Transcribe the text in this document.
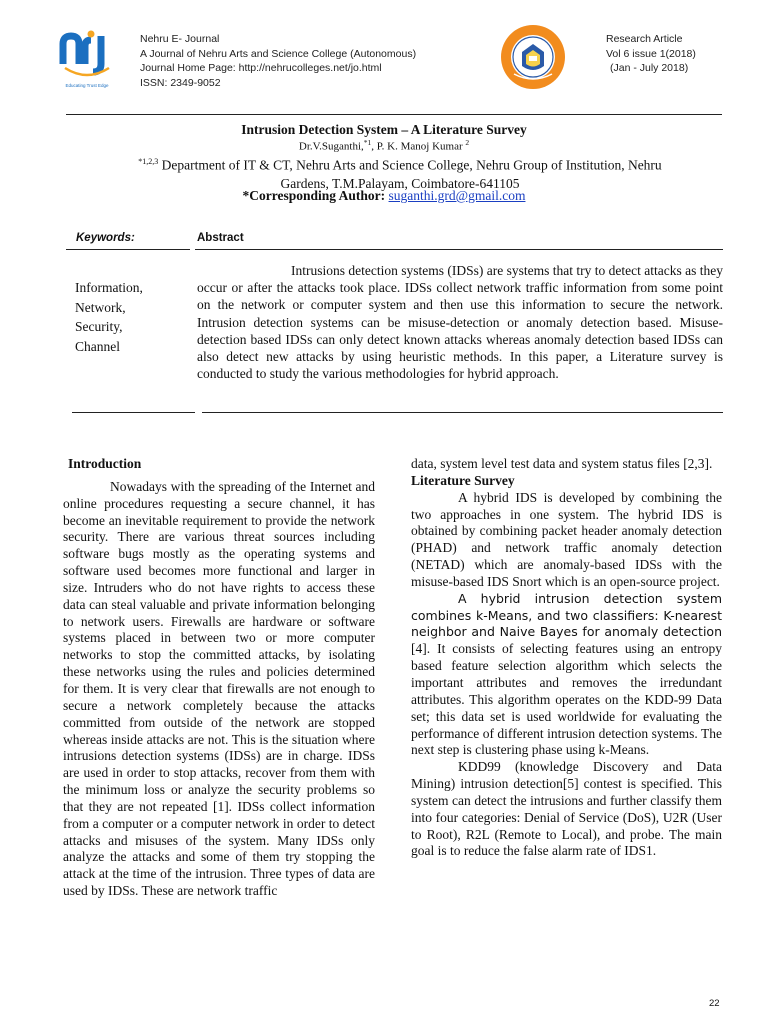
Educating Trust Edge
Nehru E- Journal
A Journal of Nehru Arts and Science College (Autonomous)
Journal Home Page: http://nehrucolleges.net/jo.html
ISSN: 2349-9052
Research Article
Vol 6 issue 1(2018)
(Jan - July 2018)
Intrusion Detection System – A Literature Survey
Dr.V.Suganthi,$^{*1}$, P. K. Manoj Kumar $^2$
$^{*1,2,3}$ Department of IT & CT, Nehru Arts and Science College, Nehru Group of Institution, Nehru
Gardens, T.M.Palayam, Coimbatore-641105
*Corresponding Author: suganthi.grd@gmail.com
Keywords:	Abstract
Information,
Network,
Security,
Channel
Intrusions detection systems (IDSs) are systems that try to detect attacks as they occur or after the attacks took place. IDSs collect network traffic information from some point on the network or computer system and then use this information to secure the network. Intrusion detection systems can be misuse-detection or anomaly detection based. Misuse-detection based IDSs can only detect known attacks whereas anomaly detection based IDSs can also detect new attacks by using heuristic methods. In this paper, a Literature survey is conducted to study the various methodologies for hybrid approach.

Introduction

Nowadays with the spreading of the Internet and online procedures requesting a secure channel, it has become an inevitable requirement to provide the network security. There are various threat sources including software bugs mostly as the operating systems and software used becomes more functional and larger in size. Intruders who do not have rights to access these data can steal valuable and private information belonging to network users. Firewalls are hardware or software systems placed in between two or more computer networks to stop the committed attacks, by isolating these networks using the rules and policies determined for them. It is very clear that firewalls are not enough to secure a network completely because the attacks committed from outside of the network are stopped whereas inside attacks are not. This is the situation where intrusions detection systems (IDSs) are in charge. IDSs are used in order to stop attacks, recover from them with the minimum loss or analyze the security problems so that they are not repeated [1]. IDSs collect information from a computer or a computer network in order to detect attacks and misuses of the system. Many IDSs only analyze the attacks and some of them try stopping the attack at the time of the intrusion. Three types of data are used by IDSs. These are network traffic

data, system level test data and system status files [2,3].

Literature Survey

A hybrid IDS is developed by combining the two approaches in one system. The hybrid IDS is obtained by combining packet header anomaly detection (PHAD) and network traffic anomaly detection (NETAD) which are anomaly-based IDSs with the misuse-based IDS Snort which is an open-source project.

A hybrid intrusion detection system combines k-Means, and two classifiers: K-nearest neighbor and Naive Bayes for anomaly detection [4]. It consists of selecting features using an entropy based feature selection algorithm which selects the important attributes and removes the irredundant attributes. This algorithm operates on the KDD-99 Data set; this data set is used worldwide for evaluating the performance of different intrusion detection systems. The next step is clustering phase using k-Means.

KDD99 (knowledge Discovery and Data Mining) intrusion detection[5] contest is specified. This system can detect the intrusions and further classify them into four categories: Denial of Service (DoS), U2R (User to Root), R2L (Remote to Local), and probe. The main goal is to reduce the false alarm rate of IDS1.

22
